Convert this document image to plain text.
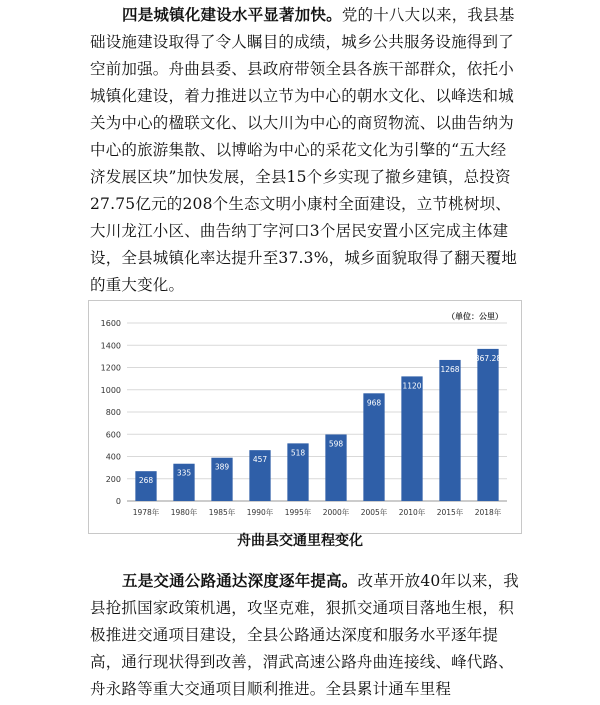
四是城镇化建设水平显著加快。党的十八大以来，我县基础设施建设取得了令人瞩目的成绩，城乡公共服务设施得到了空前加强。舟曲县委、县政府带领全县各族干部群众，依托小城镇化建设，着力推进以立节为中心的朝水文化、以峰迭和城关为中心的楹联文化、以大川为中心的商贸物流、以曲告纳为中心的旅游集散、以博峪为中心的采花文化为引擎的“五大经济发展区块”加快发展，全县15个乡实现了撤乡建镇，总投资27.75亿元的208个生态文明小康村全面建设，立节桃树坝、大川龙江小区、曲告纳丁字河口3个居民安置小区完成主体建设，全县城镇化率达提升至37.3%，城乡面貌取得了翻天覆地的重大变化。

0
200
400
600
800
1000
1200
1400
1600
（单位：公里）
268
1978年
335
1980年
389
1985年
457
1990年
518
1995年
598
2000年
968
2005年
1120
2010年
1268
2015年
1367.283
2018年
舟曲县交通里程变化

五是交通公路通达深度逐年提高。改革开放40年以来，我县抢抓国家政策机遇，攻坚克难，狠抓交通项目落地生根，积极推进交通项目建设，全县公路通达深度和服务水平逐年提高，通行现状得到改善，渭武高速公路舟曲连接线、峰代路、舟永路等重大交通项目顺利推进。全县累计通车里程
